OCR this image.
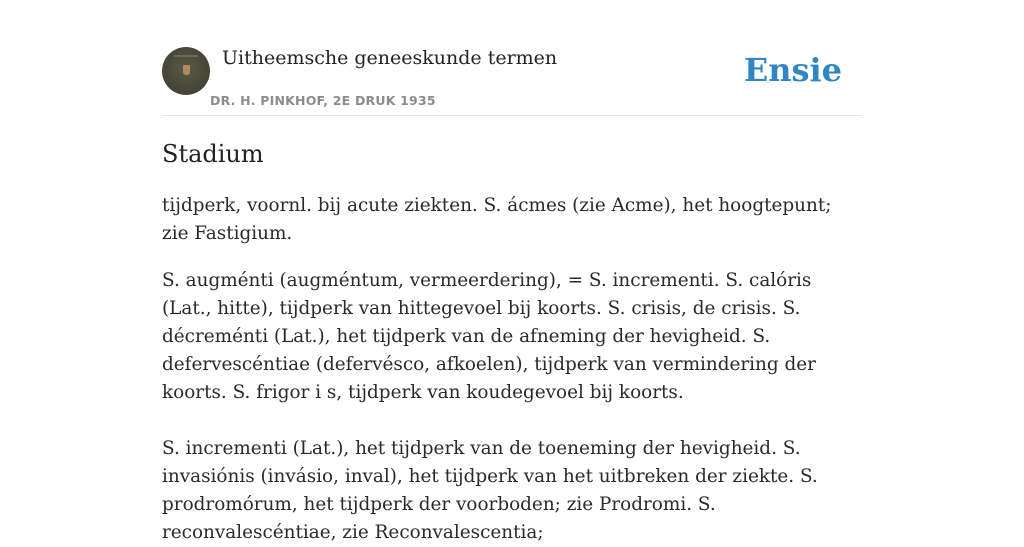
Uitheemsche geneeskunde termen
DR. H. PINKHOF, 2E DRUK 1935
Ensie
Stadium

tijdperk, voornl. bij acute ziekten. S. ácmes (zie Acme), het hoogtepunt; zie Fastigium.

S. augménti (augméntum, vermeerdering), = S. incrementi. S. calóris (Lat., hitte), tijdperk van hittegevoel bij koorts. S. crisis, de crisis. S. décreménti (Lat.), het tijdperk van de afneming der hevigheid. S. defervescéntiae (defervésco, afkoelen), tijdperk van vermindering der koorts. S. frigor i s, tijdperk van koudegevoel bij koorts.

S. incrementi (Lat.), het tijdperk van de toeneming der hevigheid. S. invasiónis (invásio, inval), het tijdperk van het uitbreken der ziekte. S. prodromórum, het tijdperk der voorboden; zie Prodromi. S. reconvalescéntiae, zie Reconvalescentia;
